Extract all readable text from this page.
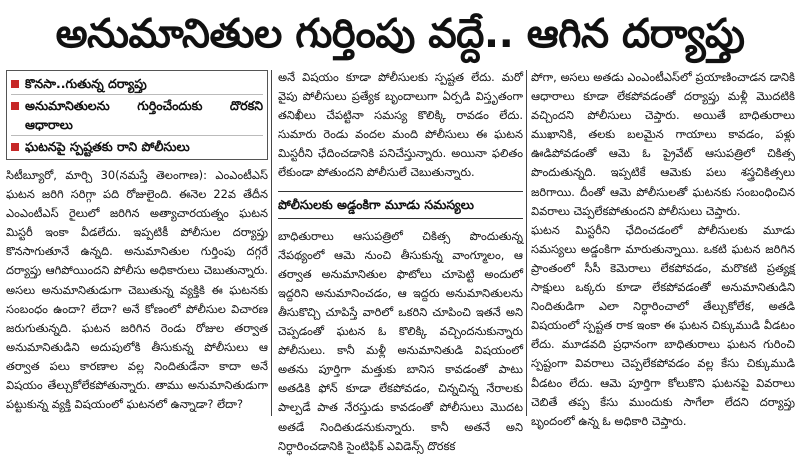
అనుమానితుల గుర్తింపు వద్దే.. ఆగిన దర్యాప్తు
కొనసా..గుతున్న దర్యాప్తు
అనుమానితులను గుర్తించేందుకు దొరకని ఆధారాలు
ఘటనపై స్పష్టతకు రాని పోలీసులు

సిటీబ్యూరో, మార్చి 30(నమస్తే తెలంగాణ): ఎంఎంటీఎస్ ఘటన జరిగి సరిగ్గా పది రోజులైంది. ఈనెల 22వ తేదీన ఎంఎంటీఎస్ రైలులో జరిగిన అత్యాచారయత్నం ఘటన మిస్టరీ ఇంకా వీడలేదు. ఇప్పటికీ పోలీసుల దర్యాప్తు కొనసాగుతూనే ఉన్నది. అనుమానితుల గుర్తింపు దగ్గరే దర్యాప్తు ఆగిపోయిందని పోలీసు అధికారులు చెబుతున్నారు. అసలు అనుమానితుడుగా చెబుతున్న వ్యక్తికి ఈ ఘటనకు సంబంధం ఉందా? లేదా? అనే కోణంలో పోలీసుల విచారణ జరుగుతున్నది. ఘటన జరిగిన రెండు రోజుల తర్వాత అనుమానితుడిని అదుపులోకి తీసుకున్న పోలీసులు ఆ తర్వాత పలు కారణాల వల్ల నిందితుడేనా కాదా అనే విషయం తేల్చుకోలేకపోతున్నారు. తాము అనుమానితుడుగా పట్టుకున్న వ్యక్తి విషయంలో ఘటనలో ఉన్నాడా? లేదా?

అనే విషయం కూడా పోలీసులకు స్పష్టత లేదు. మరో వైపు పోలీసులు ప్రత్యేక బృందాలుగా ఏర్పడి విస్తృతంగా తనిఖీలు చేపట్టినా సమస్య కొలిక్కి రావడం లేదు. సుమారు రెండు వందల మంది పోలీసులు ఈ ఘటన మిస్టరీని ఛేదించడానికి పనిచేస్తున్నారు. అయినా ఫలితం లేకుండా పోతుందని పోలీసులే చెబుతున్నారు.

పోలీసులకు అడ్డంకిగా మూడు సమస్యలు

బాధితురాలు ఆసుపత్రిలో చికిత్స పొందుతున్న నేపథ్యంలో ఆమె నుంచి తీసుకున్న వాంగ్మూలం, ఆ తర్వాత అనుమానితుల ఫొటోలు చూపెట్టి అందులో ఇద్దరిని అనుమానించడం, ఆ ఇద్దరు అనుమానితులను తీసుకొచ్చి చూపిస్తే వారిలో ఒకరిని చూపించి ఇతనే అని చెప్పడంతో ఘటన ఓ కొలిక్కి వచ్చిందనుకున్నారు పోలీసులు. కానీ మళ్లీ అనుమానితుడి విషయంలో అతను పూర్తిగా మత్తుకు బానిస కావడంతో పాటు అతడికి ఫోన్ కూడా లేకపోవడం, చిన్నచిన్న నేరాలకు పాల్పడే పాత నేరస్తుడు కావడంతో పోలీసులు మొదట అతడే నిందితుడనుకున్నారు. కానీ అతనే అని నిర్ధారించడానికి సైంటిఫిక్ ఎవిడెన్స్ దొరకక

పోగా, అసలు అతడు ఎంఎంటీఎస్‌లో ప్రయాణించాడన డానికి ఆధారాలు కూడా లేకపోవడంతో దర్యాప్తు మళ్లీ మొదటికి వచ్చిందని పోలీసులు చెప్తారు. అయితే బాధితురాలు ముఖానికి, తలకు బలమైన గాయాలు కావడం, పళ్లు ఊడిపోవడంతో ఆమె ఓ ప్రైవేట్ ఆసుపత్రిలో చికిత్స పొందుతున్నది. ఇప్పటికే ఆమెకు పలు శస్త్రచికిత్సలు జరిగాయి. దీంతో ఆమె పోలీసులతో ఘటనకు సంబంధించిన వివరాలు చెప్పలేకపోతుందని పోలీసులు చెప్తారు.

ఘటన మిస్టరీని ఛేదించడంలో పోలీసులకు మూడు సమస్యలు అడ్డంకిగా మారుతున్నాయి. ఒకటి ఘటన జరిగిన ప్రాంతంలో సీసీ కెమెరాలు లేకపోవడం, మరొకటి ప్రత్యక్ష సాక్షులు ఒక్కరు కూడా లేకపోవడంతో అనుమానితుడిని నిందితుడిగా ఎలా నిర్ధారించాలో తేల్చుకోలేక, అతడి విషయంలో స్పష్టత రాక ఇంకా ఈ ఘటన చిక్కుముడి వీడటం లేదు. మూడవది ప్రధానంగా బాధితురాలు ఘటన గురించి స్పష్టంగా వివరాలు చెప్పలేకపోవడం వల్ల కేసు చిక్కుముడి వీడటం లేదు. ఆమె పూర్తిగా కోలుకొని ఘటనపై వివరాలు చెబితే తప్ప కేసు ముందుకు సాగేలా లేదని దర్యాప్తు బృందంలో ఉన్న ఓ అధికారి చెప్తారు.
